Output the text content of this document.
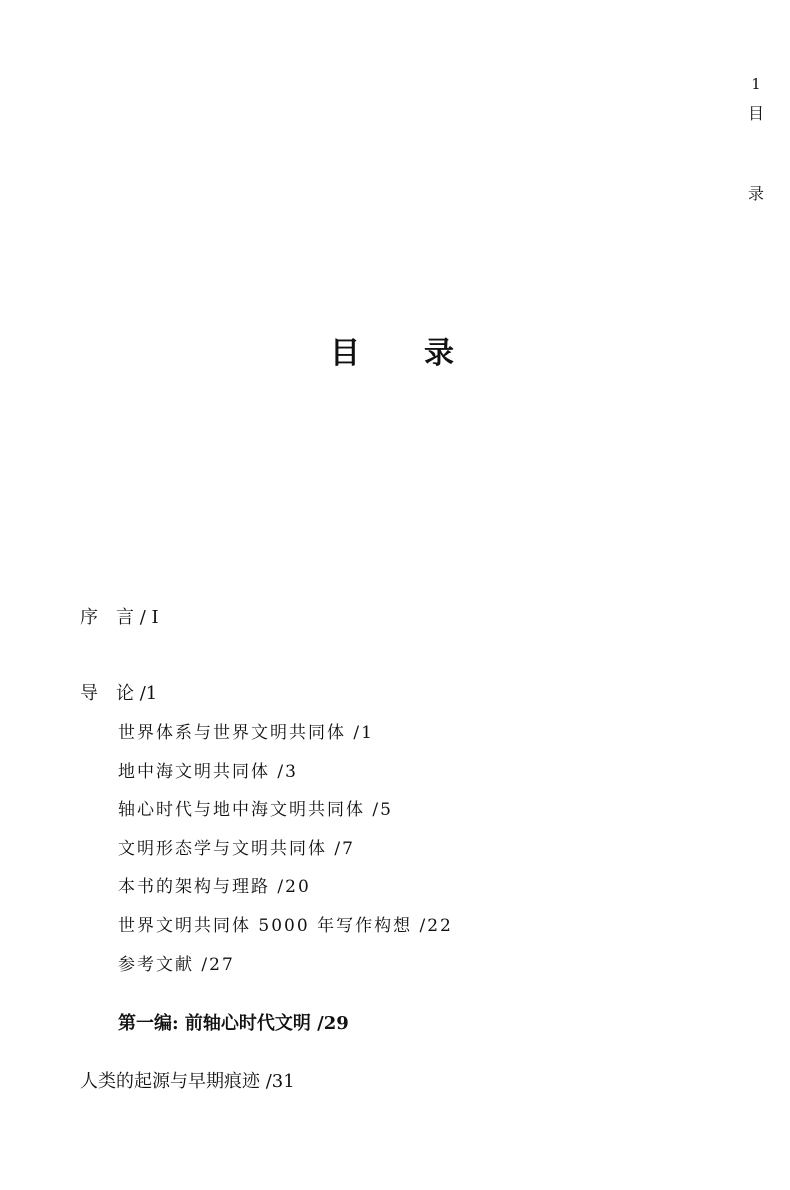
1
目
录
目 录
序　言 / I
导　论 /1
世界体系与世界文明共同体 /1
地中海文明共同体 /3
轴心时代与地中海文明共同体 /5
文明形态学与文明共同体 /7
本书的架构与理路 /20
世界文明共同体 5000 年写作构想 /22
参考文献 /27
第一编: 前轴心时代文明 /29
人类的起源与早期痕迹 /31
